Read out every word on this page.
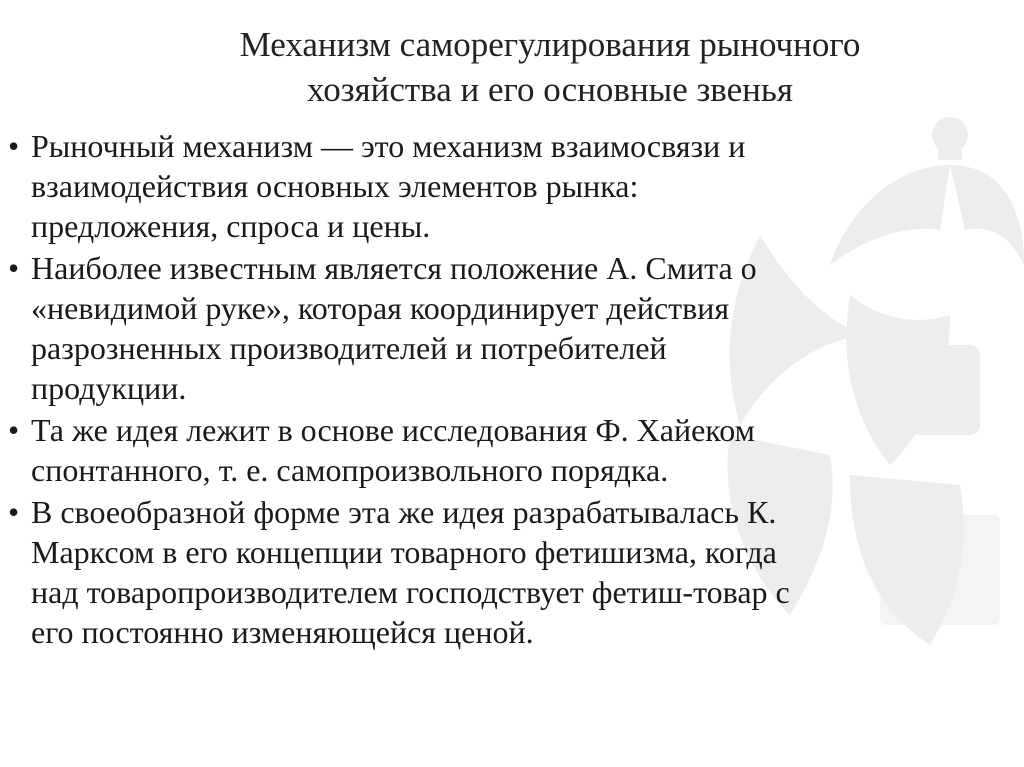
Механизм саморегулирования рыночного
хозяйства и его основные звенья
• Рыночный механизм — это механизм взаимосвязи и
взаимодействия основных элементов рынка:
предложения, спроса и цены.
• Наиболее известным является положение А. Смита о
«невидимой руке», которая координирует действия
разрозненных производителей и потребителей
продукции.
• Та же идея лежит в основе исследования Ф. Хайеком
спонтанного, т. е. самопроизвольного порядка.
• В своеобразной форме эта же идея разрабатывалась К.
Марксом в его концепции товарного фетишизма, когда
над товаропроизводителем господствует фетиш-товар с
его постоянно изменяющейся ценой.
